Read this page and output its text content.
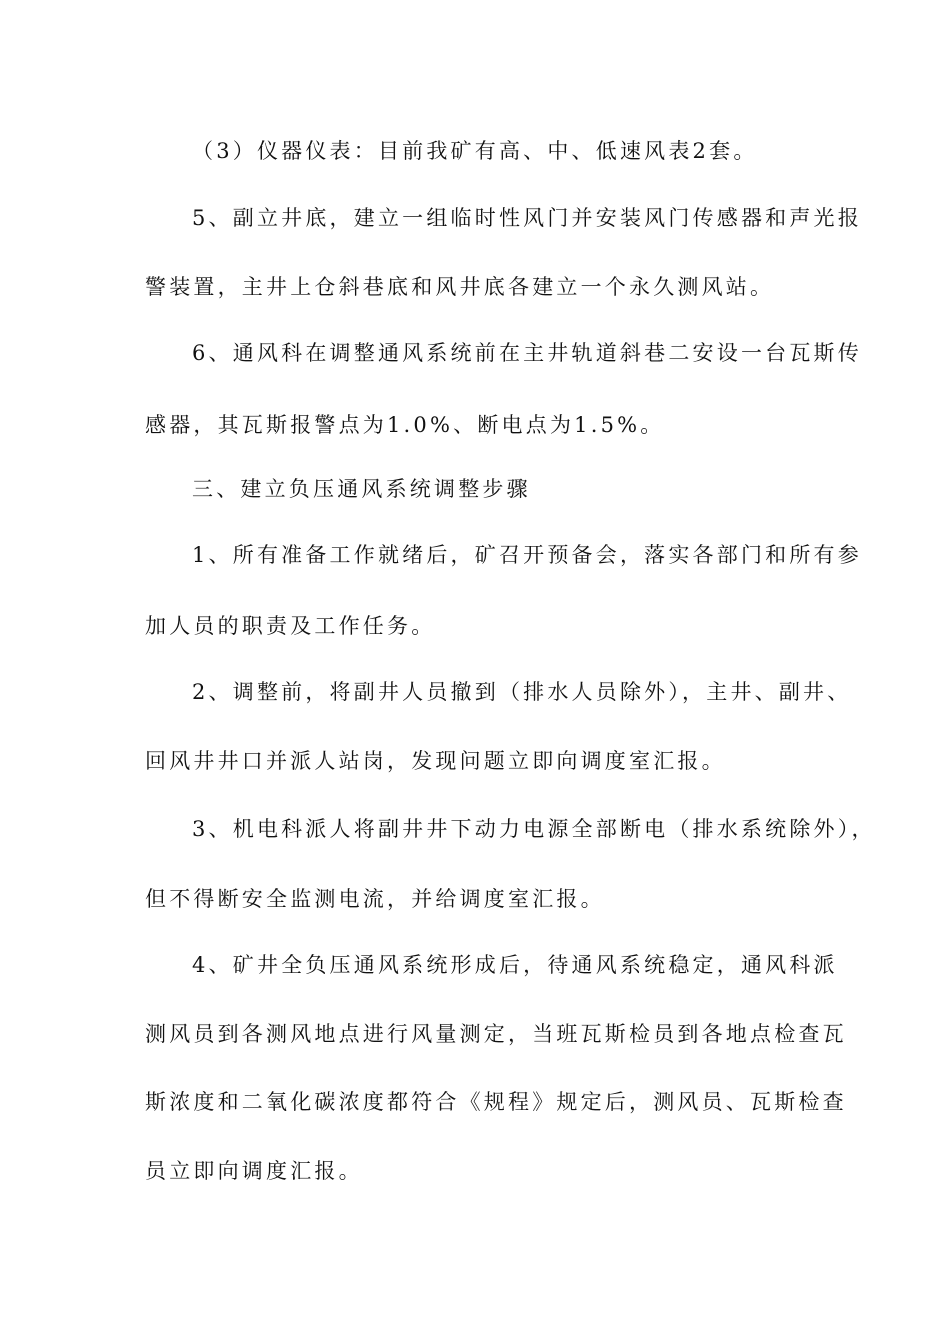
（3）仪器仪表：目前我矿有高、中、低速风表2套。
5、副立井底，建立一组临时性风门并安装风门传感器和声光报
警装置，主井上仓斜巷底和风井底各建立一个永久测风站。
6、通风科在调整通风系统前在主井轨道斜巷二安设一台瓦斯传
感器，其瓦斯报警点为1.0%、断电点为1.5%。
三、建立负压通风系统调整步骤
1、所有准备工作就绪后，矿召开预备会，落实各部门和所有参
加人员的职责及工作任务。
2、调整前，将副井人员撤到（排水人员除外），主井、副井、
回风井井口并派人站岗，发现问题立即向调度室汇报。
3、机电科派人将副井井下动力电源全部断电（排水系统除外），
但不得断安全监测电流，并给调度室汇报。
4、矿井全负压通风系统形成后，待通风系统稳定，通风科派
测风员到各测风地点进行风量测定，当班瓦斯检员到各地点检查瓦
斯浓度和二氧化碳浓度都符合《规程》规定后，测风员、瓦斯检查
员立即向调度汇报。
